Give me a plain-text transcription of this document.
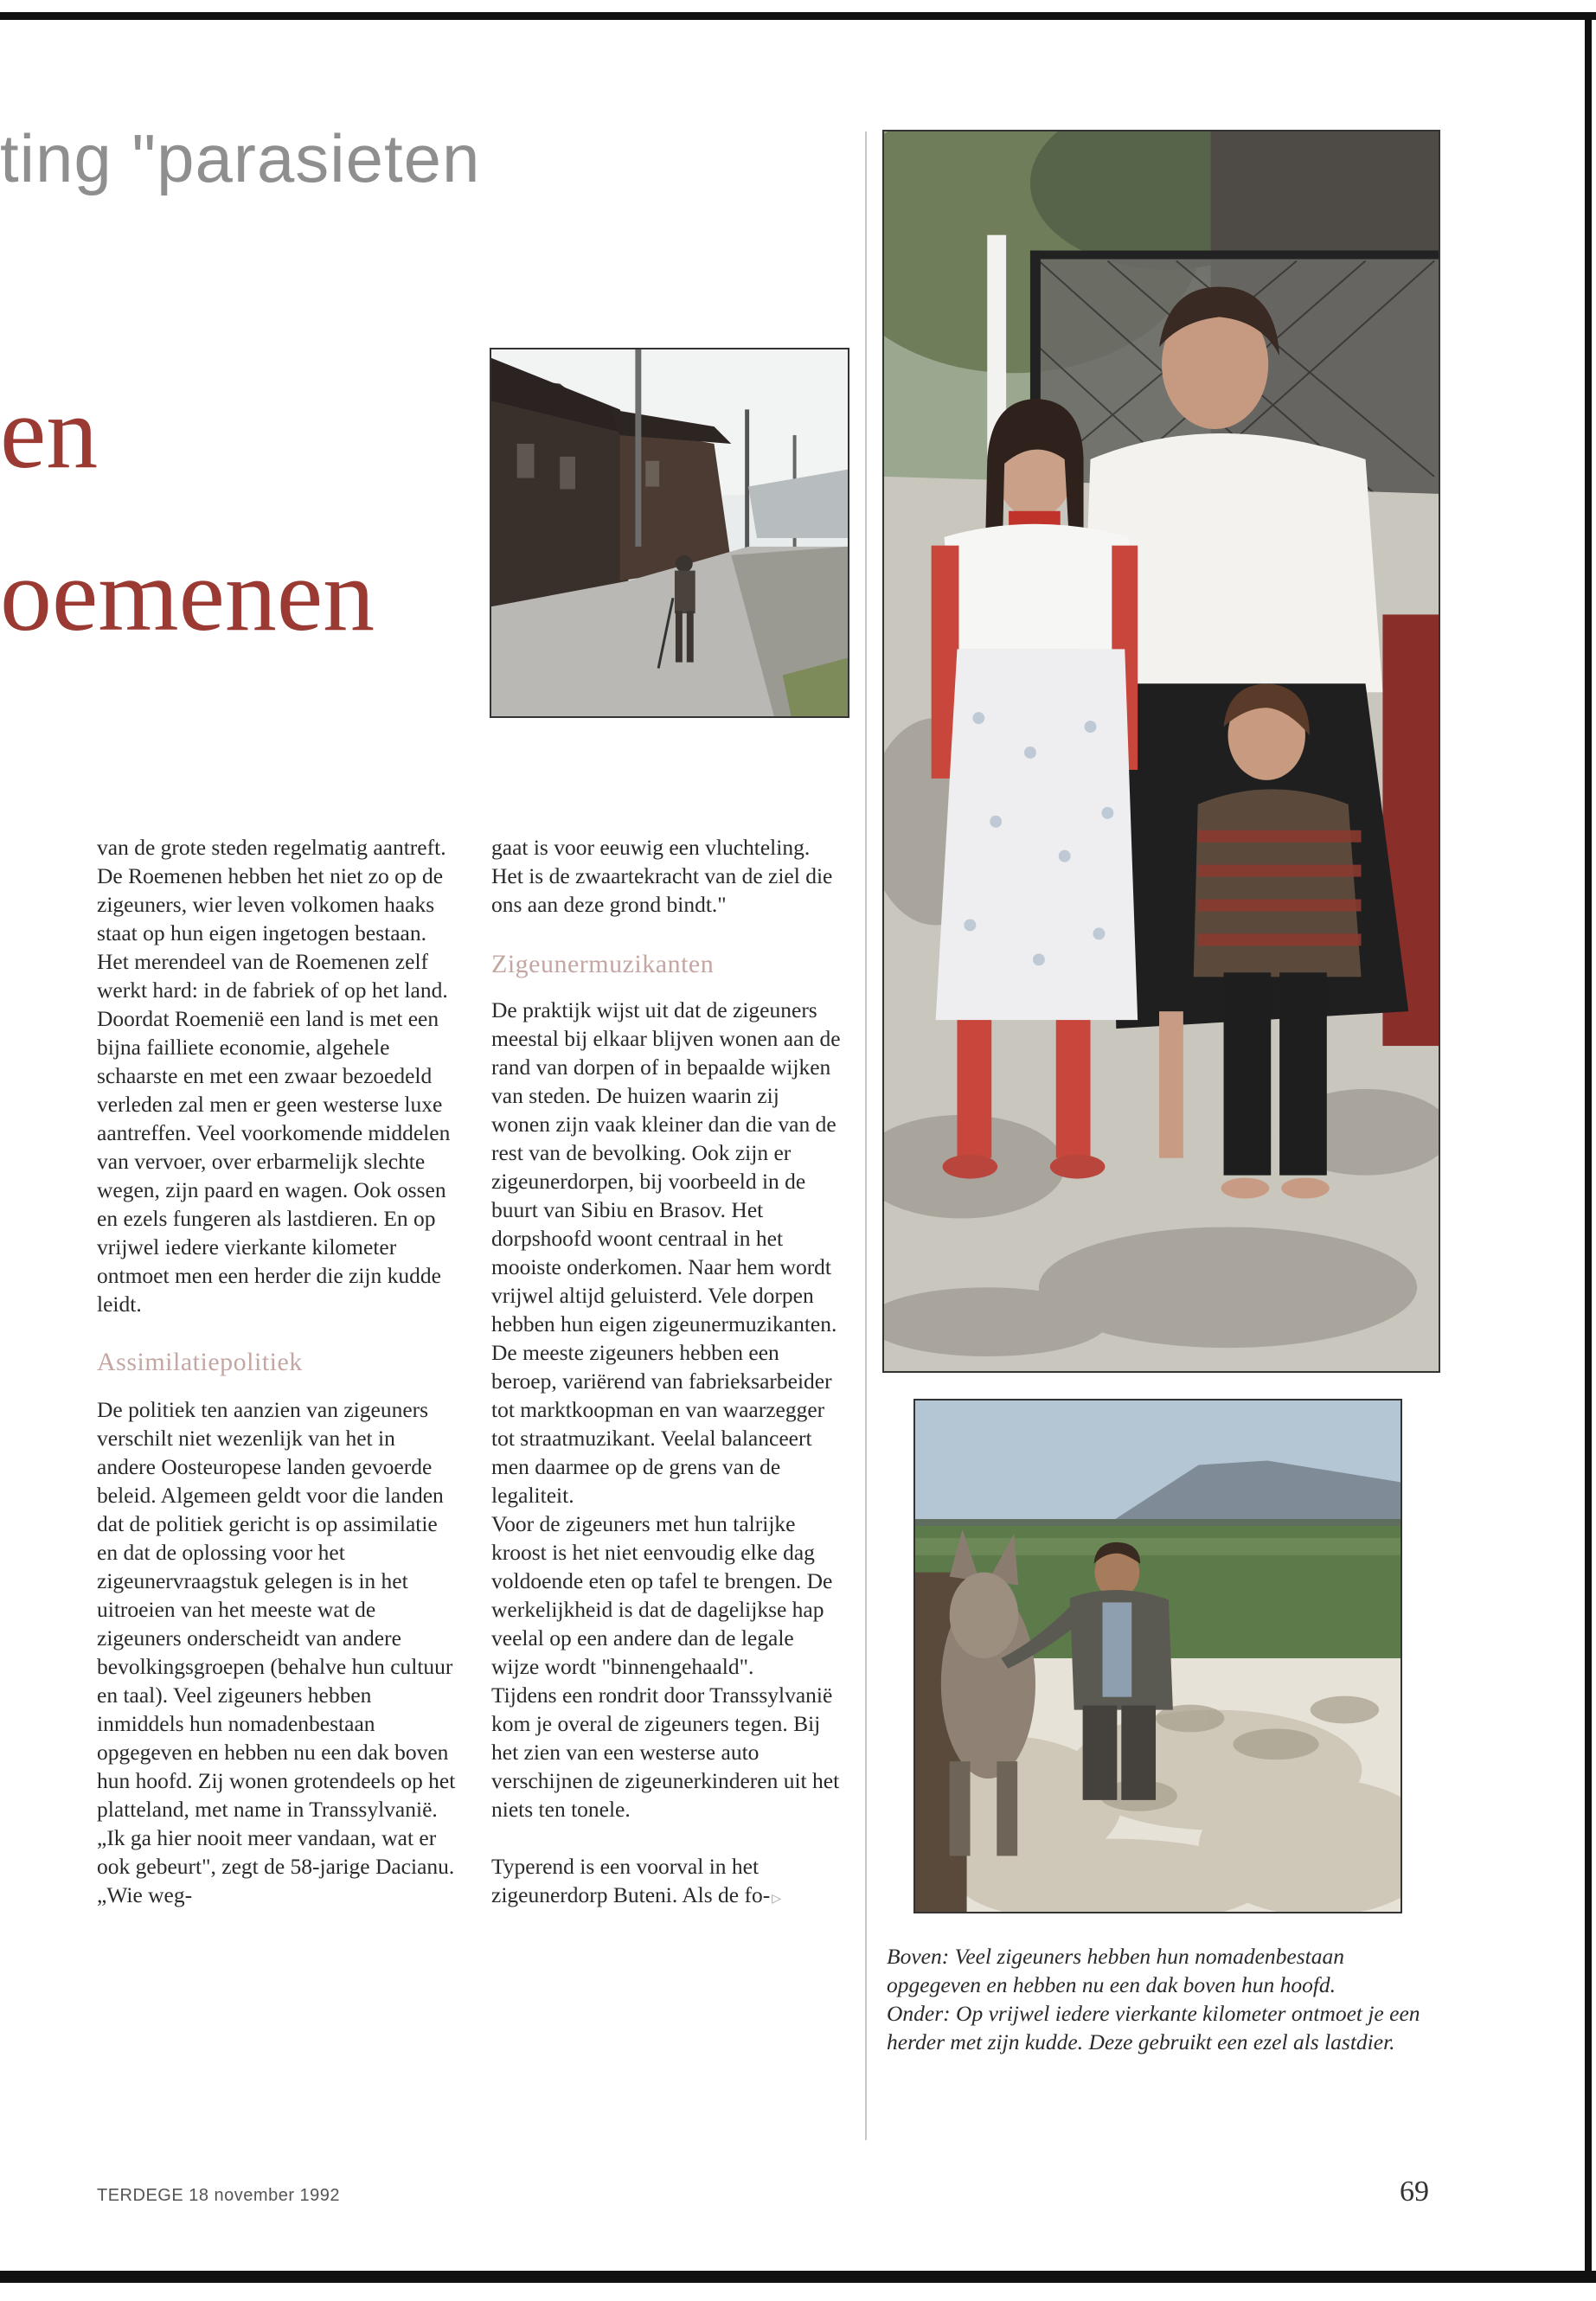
ting "parasieten
en
oemenen

van de grote steden regelmatig aantreft.

De Roemenen hebben het niet zo op de zigeuners, wier leven volkomen haaks staat op hun eigen ingetogen bestaan. Het merendeel van de Roemenen zelf werkt hard: in de fabriek of op het land. Doordat Roemenië een land is met een bijna failliete economie, algehele schaarste en met een zwaar bezoedeld verleden zal men er geen westerse luxe aantreffen. Veel voorkomende middelen van vervoer, over erbarmelijk slechte wegen, zijn paard en wagen. Ook ossen en ezels fungeren als lastdieren. En op vrijwel iedere vierkante kilometer ontmoet men een herder die zijn kudde leidt.

Assimilatiepolitiek

De politiek ten aanzien van zigeuners verschilt niet wezenlijk van het in andere Oosteuropese landen gevoerde beleid. Algemeen geldt voor die landen dat de politiek gericht is op assimilatie en dat de oplossing voor het zigeunervraagstuk gelegen is in het uitroeien van het meeste wat de zigeuners onderscheidt van andere bevolkingsgroepen (behalve hun cultuur en taal). Veel zigeuners hebben inmiddels hun nomadenbestaan opgegeven en hebben nu een dak boven hun hoofd. Zij wonen grotendeels op het platteland, met name in Transsylvanië.

„Ik ga hier nooit meer vandaan, wat er ook gebeurt", zegt de 58-jarige Dacianu. „Wie weg-

gaat is voor eeuwig een vluchteling. Het is de zwaartekracht van de ziel die ons aan deze grond bindt."

Zigeunermuzikanten

De praktijk wijst uit dat de zigeuners meestal bij elkaar blijven wonen aan de rand van dorpen of in bepaalde wijken van steden. De huizen waarin zij wonen zijn vaak kleiner dan die van de rest van de bevolking. Ook zijn er zigeunerdorpen, bij voorbeeld in de buurt van Sibiu en Brasov. Het dorpshoofd woont centraal in het mooiste onderkomen. Naar hem wordt vrijwel altijd geluisterd. Vele dorpen hebben hun eigen zigeunermuzikanten.

De meeste zigeuners hebben een beroep, variërend van fabrieksarbeider tot marktkoopman en van waarzegger tot straatmuzikant. Veelal balanceert men daarmee op de grens van de legaliteit.

Voor de zigeuners met hun talrijke kroost is het niet eenvoudig elke dag voldoende eten op tafel te brengen. De werkelijkheid is dat de dagelijkse hap veelal op een andere dan de legale wijze wordt "binnengehaald".

Tijdens een rondrit door Transsylvanië kom je overal de zigeuners tegen. Bij het zien van een westerse auto verschijnen de zigeunerkinderen uit het niets ten tonele.

Typerend is een voorval in het zigeunerdorp Buteni. Als de fo- ▷

Boven: Veel zigeuners hebben hun nomadenbestaan opgegeven en hebben nu een dak boven hun hoofd.

Onder: Op vrijwel iedere vierkante kilometer ontmoet je een herder met zijn kudde. Deze gebruikt een ezel als lastdier.

TERDEGE 18 november 1992	69
